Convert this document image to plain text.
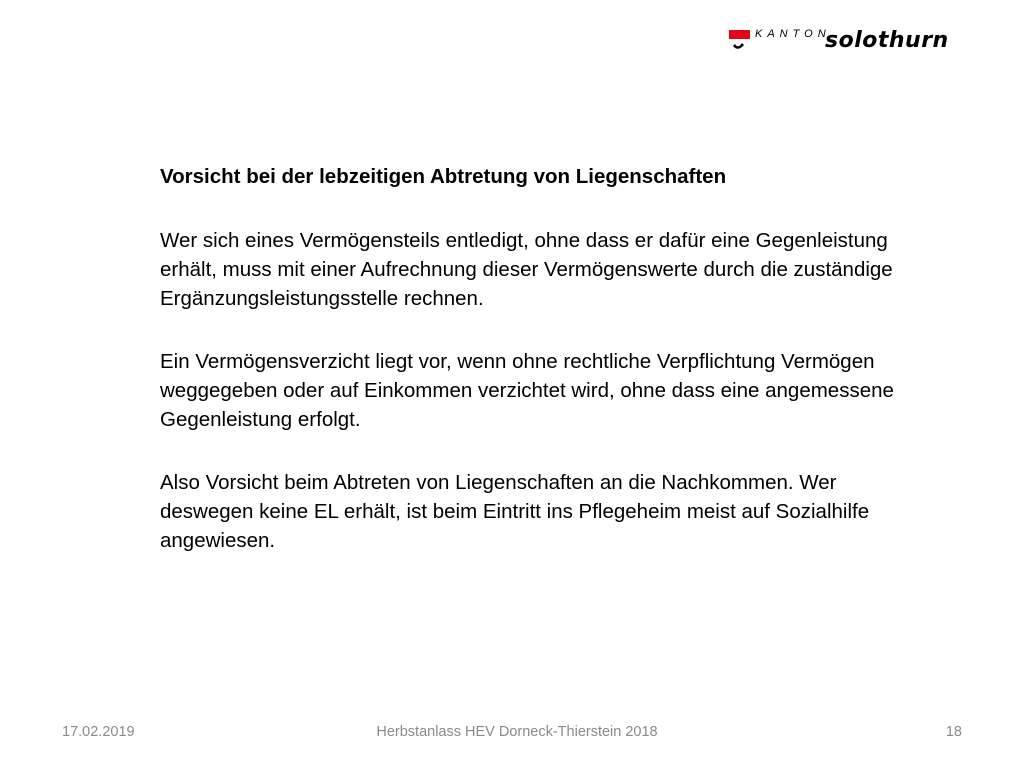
KANTON
solothurn

Vorsicht bei der lebzeitigen Abtretung von Liegenschaften

Wer sich eines Vermögensteils entledigt, ohne dass er dafür eine Gegenleistung erhält, muss mit einer Aufrechnung dieser Vermögenswerte durch die zuständige Ergänzungsleistungsstelle rechnen.

Ein Vermögensverzicht liegt vor, wenn ohne rechtliche Verpflichtung Vermögen weggegeben oder auf Einkommen verzichtet wird, ohne dass eine angemessene Gegenleistung erfolgt.

Also Vorsicht beim Abtreten von Liegenschaften an die Nachkommen. Wer deswegen keine EL erhält, ist beim Eintritt ins Pflegeheim meist auf Sozialhilfe angewiesen.

17.02.2019	Herbstanlass HEV Dorneck-Thierstein 2018	18
